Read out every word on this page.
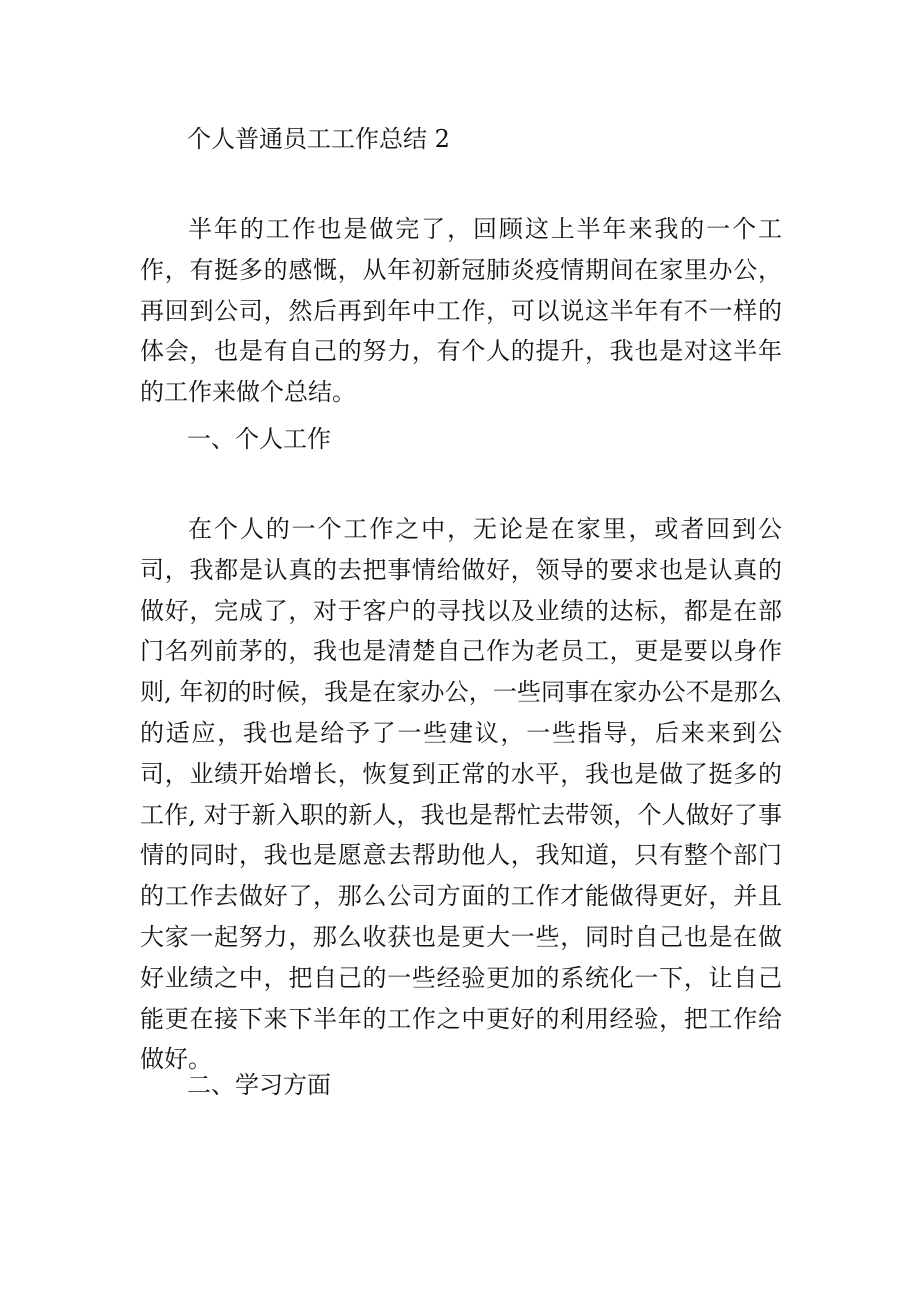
个人普通员工工作总结 2

半年的工作也是做完了，回顾这上半年来我的一个工作，有挺多的感慨，从年初新冠肺炎疫情期间在家里办公，再回到公司，然后再到年中工作，可以说这半年有不一样的体会，也是有自己的努力，有个人的提升，我也是对这半年的工作来做个总结。

一、个人工作

在个人的一个工作之中，无论是在家里，或者回到公司，我都是认真的去把事情给做好，领导的要求也是认真的做好，完成了，对于客户的寻找以及业绩的达标，都是在部门名列前茅的，我也是清楚自己作为老员工，更是要以身作则, 年初的时候，我是在家办公，一些同事在家办公不是那么的适应，我也是给予了一些建议，一些指导，后来来到公司，业绩开始增长，恢复到正常的水平，我也是做了挺多的工作, 对于新入职的新人，我也是帮忙去带领，个人做好了事情的同时，我也是愿意去帮助他人，我知道，只有整个部门的工作去做好了，那么公司方面的工作才能做得更好，并且大家一起努力，那么收获也是更大一些，同时自己也是在做好业绩之中，把自己的一些经验更加的系统化一下，让自己能更在接下来下半年的工作之中更好的利用经验，把工作给做好。

二、学习方面
